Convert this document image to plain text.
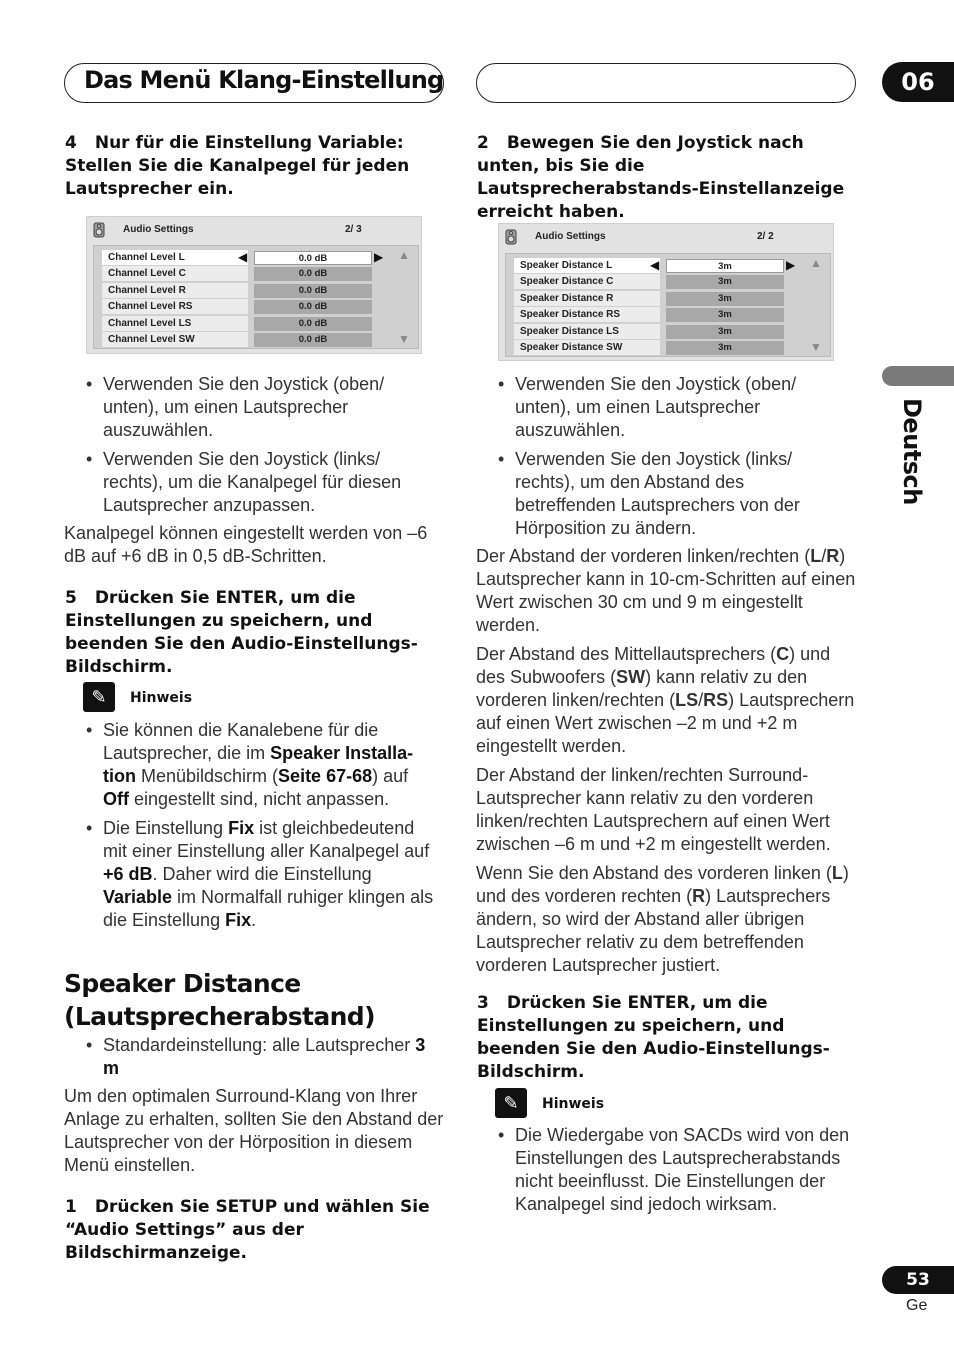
Das Menü Klang-Einstellung	06
Deutsch
4 Nur für die Einstellung Variable: Stellen Sie die Kanalpegel für jeden Lautsprecher ein.
Audio Settings	2/ 3
Channel Level L	◀	0.0 dB	▶
Channel Level C	0.0 dB
Channel Level R	0.0 dB
Channel Level RS	0.0 dB
Channel Level LS	0.0 dB
Channel Level SW	0.0 dB
▲
▼
• Verwenden Sie den Joystick (oben/ unten), um einen Lautsprecher auszuwählen.
• Verwenden Sie den Joystick (links/ rechts), um die Kanalpegel für diesen Lautsprecher anzupassen.
Kanalpegel können eingestellt werden von –6 dB auf +6 dB in 0,5 dB-Schritten.
5 Drücken Sie ENTER, um die Einstellungen zu speichern, und beenden Sie den Audio-Einstellungs-Bildschirm.
✎	Hinweis
• Sie können die Kanalebene für die Lautsprecher, die im Speaker Installa-tion Menübildschirm (Seite 67-68) auf Off eingestellt sind, nicht anpassen.
• Die Einstellung Fix ist gleichbedeutend mit einer Einstellung aller Kanalpegel auf +6 dB. Daher wird die Einstellung Variable im Normalfall ruhiger klingen als die Einstellung Fix.
Speaker Distance (Lautsprecherabstand)
• Standardeinstellung: alle Lautsprecher 3 m
Um den optimalen Surround-Klang von Ihrer Anlage zu erhalten, sollten Sie den Abstand der Lautsprecher von der Hörposition in diesem Menü einstellen.
1 Drücken Sie SETUP und wählen Sie “Audio Settings” aus der Bildschirmanzeige.
2 Bewegen Sie den Joystick nach unten, bis Sie die Lautsprecherabstands-Einstellanzeige erreicht haben.
Audio Settings	2/ 2
Speaker Distance L	◀	3m	▶
Speaker Distance C	3m
Speaker Distance R	3m
Speaker Distance RS	3m
Speaker Distance LS	3m
Speaker Distance SW	3m
▲
▼
• Verwenden Sie den Joystick (oben/ unten), um einen Lautsprecher auszuwählen.
• Verwenden Sie den Joystick (links/ rechts), um den Abstand des betreffenden Lautsprechers von der Hörposition zu ändern.

Der Abstand der vorderen linken/rechten (L/R) Lautsprecher kann in 10-cm-Schritten auf einen Wert zwischen 30 cm und 9 m eingestellt werden.

Der Abstand des Mittellautsprechers (C) und des Subwoofers (SW) kann relativ zu den vorderen linken/rechten (LS/RS) Lautsprechern auf einen Wert zwischen –2 m und +2 m eingestellt werden.

Der Abstand der linken/rechten Surround-Lautsprecher kann relativ zu den vorderen linken/rechten Lautsprechern auf einen Wert zwischen –6 m und +2 m eingestellt werden.

Wenn Sie den Abstand des vorderen linken (L) und des vorderen rechten (R) Lautsprechers ändern, so wird der Abstand aller übrigen Lautsprecher relativ zu dem betreffenden vorderen Lautsprecher justiert.

3 Drücken Sie ENTER, um die Einstellungen zu speichern, und beenden Sie den Audio-Einstellungs-Bildschirm.
✎	Hinweis
• Die Wiedergabe von SACDs wird von den Einstellungen des Lautsprecherabstands nicht beeinflusst. Die Einstellungen der Kanalpegel sind jedoch wirksam.
53
Ge
